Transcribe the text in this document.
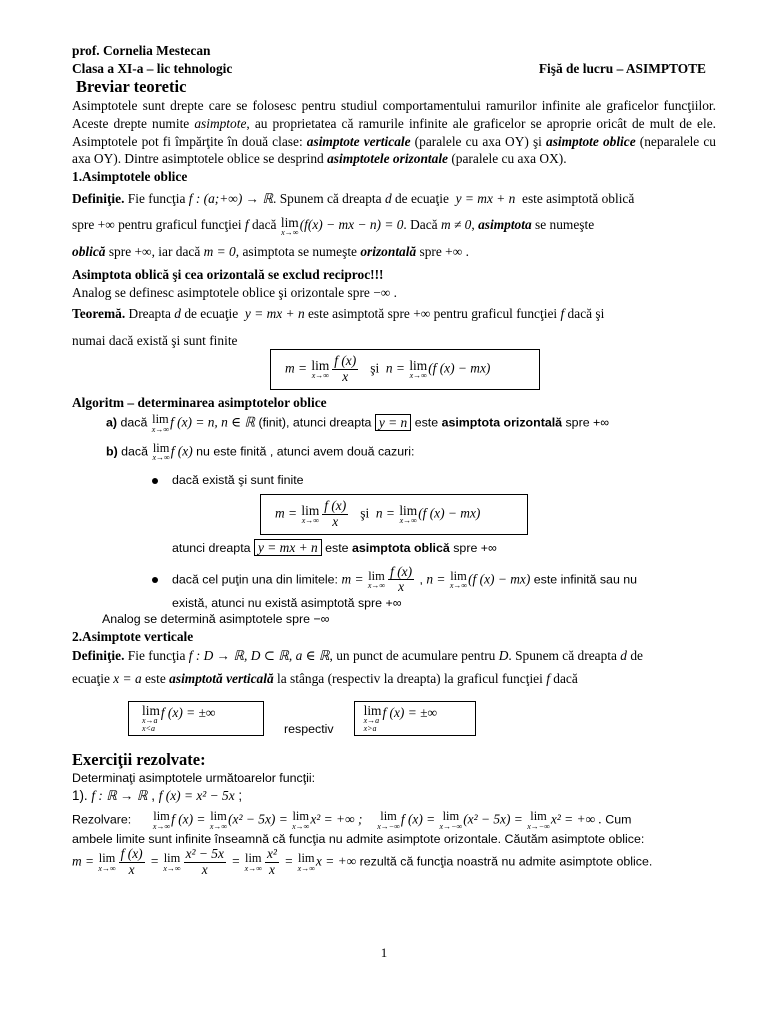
prof. Cornelia Mestecan

Clasa a XI-a – lic tehnologic	Fişă de lucru – ASIMPTOTE

Breviar teoretic

Asimptotele sunt drepte care se folosesc pentru studiul comportamentului ramurilor infinite ale graficelor funcţiilor. Aceste drepte numite asimptote, au proprietatea că ramurile infinite ale graficelor se aproprie oricât de mult de ele. Asimptotele pot fi împărţite în două clase: asimptote verticale (paralele cu axa OY) şi asimptote oblice (neparalele cu axa OY). Dintre asimptotele oblice se desprind asimptotele orizontale (paralele cu axa OX).

1.Asimptotele oblice

Definiţie. Fie funcţia f : (a;+∞) → ℝ. Spunem că dreapta d de ecuaţie  y = mx + n  este asimptotă oblică
spre +∞ pentru graficul funcţiei f dacă lim
x→∞
(f(x) − mx − n) = 0. Dacă m ≠ 0, asimptota se numeşte
oblică spre +∞, iar dacă m = 0, asimptota se numeşte orizontală spre +∞ .

Asimptota oblică şi cea orizontală se exclud reciproc!!!

Analog se definesc asimptotele oblice şi orizontale spre −∞ .

Teoremă. Dreapta d de ecuaţie  y = mx + n este asimptotă spre +∞ pentru graficul funcţiei f dacă şi
numai dacă există şi sunt finite

m = lim
$x\to\infty \frac{f (x)}{x}$ şi n = lim
x→∞
(f (x) − mx)

Algoritm – determinarea asimptotelor oblice

a) dacă lim
x→∞ f (x) = n, n ∈ ℝ (finit), atunci dreapta y = n este asimptota orizontală spre +∞

b) dacă lim
x→∞ f (x) nu este finită , atunci avem două cazuri:

dacă există şi sunt finite

m = lim
$x\to\infty \frac{f (x)}{x}$ şi n = lim
x→∞
(f (x) − mx)

atunci dreapta y = mx + n este asimptota oblică spre +∞

dacă cel puţin una din limitele: m = lim
$x\to\infty \frac{f (x)}{x}$ , n = lim
x→∞ (f (x) − mx) este infinită sau nu

există, atunci nu există asimptotă spre +∞

Analog se determină asimptotele spre −∞

2.Asimptote verticale

Definiţie. Fie funcţia f : D → ℝ, D ⊂ ℝ, a ∈ ℝ, un punct de acumulare pentru D. Spunem că dreapta d de
ecuaţie x = a este asimptotă verticală la stânga (respectiv la dreapta) la graficul funcţiei f dacă

lim
x→a
x<a
f (x) = ±∞
respectiv
lim
x→a
x>a
f (x) = ±∞

Exerciţii rezolvate:

Determinaţi asimptotele următoarelor funcţii:

1). f : ℝ → ℝ , f (x) = x² − 5x ;

Rezolvare: lim
x→∞ f (x) = lim
x→∞ (x² − 5x) = lim
x→∞ x² = +∞ ; lim
x→−∞ f (x) = lim
x→−∞ (x² − 5x) = lim
x→−∞ x² = +∞ . Cum

ambele limite sunt infinite înseamnă că funcţia nu admite asimptote orizontale. Căutăm asimptote oblice:

m = lim
$x\to\infty \frac{f (x)}{x} = \lim$
$x\to\infty \frac{\text{x² − 5x}}{x} = \lim$
$x\to\infty \frac{\text{x²}}{x} = \lim$
x→∞ x = +∞ rezultă că funcţia noastră nu admite asimptote oblice.

1
